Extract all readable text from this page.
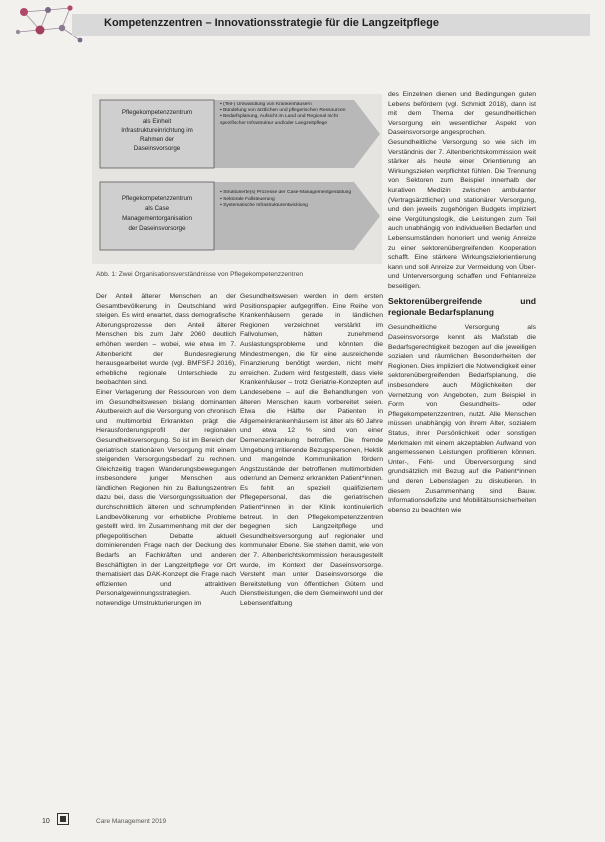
Kompetenzzentren – Innovationsstrategie für die Langzeitpflege
Pflegekompetenzzentrum
als Einheit
Infrastruktureinrichtung im
Rahmen der
Daseinsvorsorge
Pflegekompetenzzentrum
als Case
Managementorganisation
der Daseinsvorsorge
▪ (Teil-) Umwandlung von Krankenhäusern
▪ Bündelung von ärztlichen und pflegerischen Ressourcen
▪ Bedarfsplanung, Aufsicht im Land und Regional nicht spezifischer Infrastruktur und/oder Langzeitpflege
▪ Strukturierte(s) Prozesse der Case-Managementgestaltung
▪ Sektorale Fallsteuerung
▪ Systematische Infrastrukturentwicklung
Abb. 1: Zwei Organisationsverständnisse von Pflegekompetenzzentren

Der Anteil älterer Menschen an der Gesamtbevölkerung in Deutschland wird steigen. Es wird erwartet, dass demografische Alterungsprozesse den Anteil älterer Menschen bis zum Jahr 2060 deutlich erhöhen werden – wobei, wie etwa im 7. Altenbericht der Bundesregierung herausgearbeitet wurde (vgl. BMFSFJ 2016), erhebliche regionale Unterschiede zu beobachten sind.

Einer Verlagerung der Ressourcen von dem im Gesundheitswesen bislang dominanten Akutbereich auf die Versorgung von chronisch und multimorbid Erkrankten prägt die Herausforderungsprofil der regionalen Gesundheitsversorgung. So ist im Bereich der geriatrisch stationären Versorgung mit einem steigenden Versorgungsbedarf zu rechnen. Gleichzeitig tragen Wanderungsbewegungen insbesondere junger Menschen aus ländlichen Regionen hin zu Ballungszentren dazu bei, dass die Versorgungssituation der durchschnittlich älteren und schrumpfenden Landbevölkerung vor erhebliche Probleme gestellt wird. Im Zusammenhang mit der der pflegepolitischen Debatte aktuell dominierenden Frage nach der Deckung des Bedarfs an Fachkräften und anderen Beschäftigten in der Langzeitpflege vor Ort thematisiert das DAK-Konzept die Frage nach effizienten und attraktiven Personalgewinnungsstrategien. Auch notwendige Umstrukturierungen im

Gesundheitswesen werden in dem ersten Positionspapier aufgegriffen. Eine Reihe von Krankenhäusern gerade in ländlichen Regionen verzeichnet verstärkt im Fallvolumen, hätten zunehmend Auslastungsprobleme und könnten die Mindestmengen, die für eine ausreichende Finanzierung benötigt werden, nicht mehr erreichen. Zudem wird festgestellt, dass viele Krankenhäuser – trotz Geriatrie-Konzepten auf Landesebene – auf die Behandlungen von älteren Menschen kaum vorbereitet seien. Etwa die Hälfte der Patienten in Allgemeinkrankenhäusern ist älter als 60 Jahre und etwa 12 % sind von einer Demenzerkrankung betroffen. Die fremde Umgebung irritierende Bezugspersonen, Hektik und mangelnde Kommunikation fördern Angstzustände der betroffenen multimorbiden oder/und an Demenz erkrankten Patient*innen. Es fehlt an speziell qualifiziertem Pflegepersonal, das die geriatrischen Patient*innen in der Klinik kontinuierlich betreut. In den Pflegekompetenzzentren begegnen sich Langzeitpflege und Gesundheitsversorgung auf regionaler und kommunaler Ebene. Sie stehen damit, wie von der 7. Altenberichtskommission herausgestellt wurde, im Kontext der Daseinsvorsorge. Versteht man unter Daseinsvorsorge die Bereitstellung von öffentlichen Gütern und Dienstleistungen, die dem Gemeinwohl und der Lebensentfaltung

des Einzelnen dienen und Bedingungen guten Lebens befördern (vgl. Schmidt 2018), dann ist mit dem Thema der gesundheitlichen Versorgung ein wesentlicher Aspekt von Daseinsvorsorge angesprochen.

Gesundheitliche Versorgung so wie sich im Verständnis der 7. Altenberichtskommission weit stärker als heute einer Orientierung an Wirkungszielen verpflichtet fühlen. Die Trennung von Sektoren zum Beispiel innerhalb der kurativen Medizin zwischen ambulanter (Vertragsärztlicher) und stationärer Versorgung, und den jeweils zugehörigen Budgets impliziert eine Vergütungslogik, die Leistungen zum Teil auch unabhängig von individuellen Bedarfen und Lebensumständen honoriert und wenig Anreize zu einer sektorenübergreifenden Kooperation schafft. Eine stärkere Wirkungszielorientierung kann und soll Anreize zur Vermeidung von Über- und Unterversorgung schaffen und Fehlanreize beseitigen.

Sektorenübergreifende und regionale Bedarfsplanung

Gesundheitliche Versorgung als Daseinsvorsorge kennt als Maßstab die Bedarfsgerechtigkeit bezogen auf die jeweiligen sozialen und räumlichen Besonderheiten der Regionen. Dies impliziert die Notwendigkeit einer sektorenübergreifenden Bedarfsplanung, die insbesondere auch Möglichkeiten der Vernetzung von Angeboten, zum Beispiel in Form von Gesundheits- oder Pflegekompetenzzentren, nutzt. Alle Menschen müssen unabhängig von ihrem Alter, sozialem Status, ihrer Persönlichkeit oder sonstigen Merkmalen mit einem akzeptablen Aufwand von angemessenen Leistungen profitieren können. Unter-, Fehl- und Überversorgung sind grundsätzlich mit Bezug auf die Patient*innen und deren Lebenslagen zu diskutieren. In diesem Zusammenhang sind Bauw. Informationsdefizite und Mobilitätsunsicherheiten ebenso zu beachten wie

10	Care Management 2019
